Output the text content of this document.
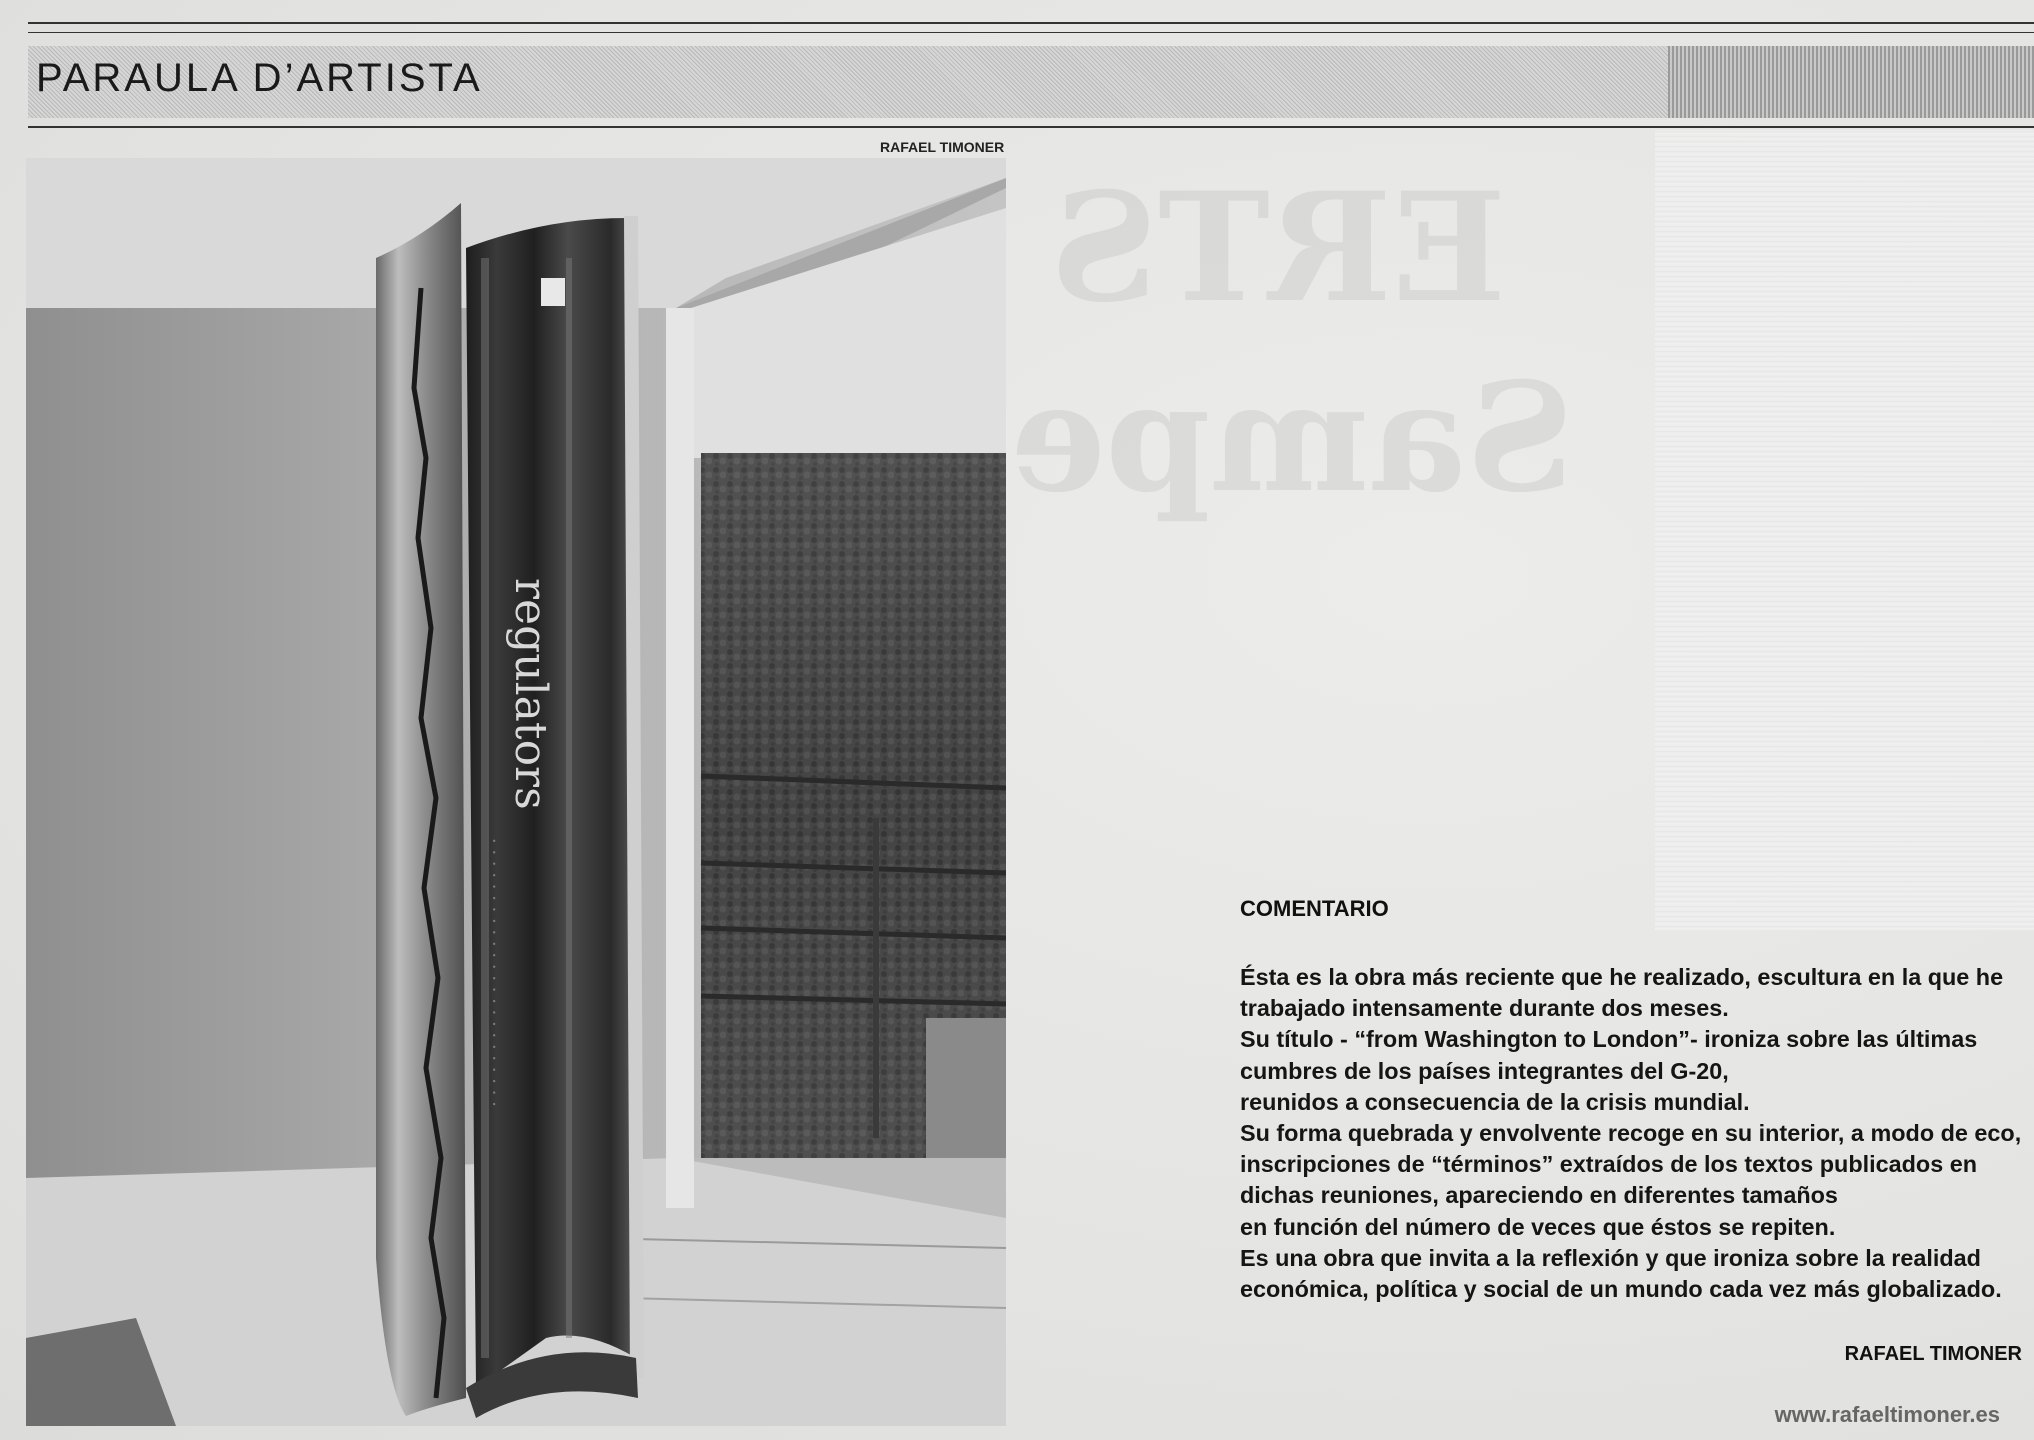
ERTS
Sampe
PARAULA D’ARTISTA
RAFAEL TIMONER
regulators
· · · · · · · · · · · · · · · · · · · · · · · ·	COMENTARIO

Ésta es la obra más reciente que he realizado, escultura en la que he

trabajado intensamente durante dos meses.

Su título - “from Washington to London”- ironiza sobre las últimas

cumbres de los países integrantes del G-20,

reunidos a consecuencia de la crisis mundial.

Su forma quebrada y envolvente recoge en su interior, a modo de eco,

inscripciones de “términos” extraídos de los textos publicados en

dichas reuniones, apareciendo en diferentes tamaños

en función del número de veces que éstos se repiten.

Es una obra que invita a la reflexión y que ironiza sobre la realidad

económica, política y social de un mundo cada vez más globalizado.

RAFAEL TIMONER
www.rafaeltimoner.es
